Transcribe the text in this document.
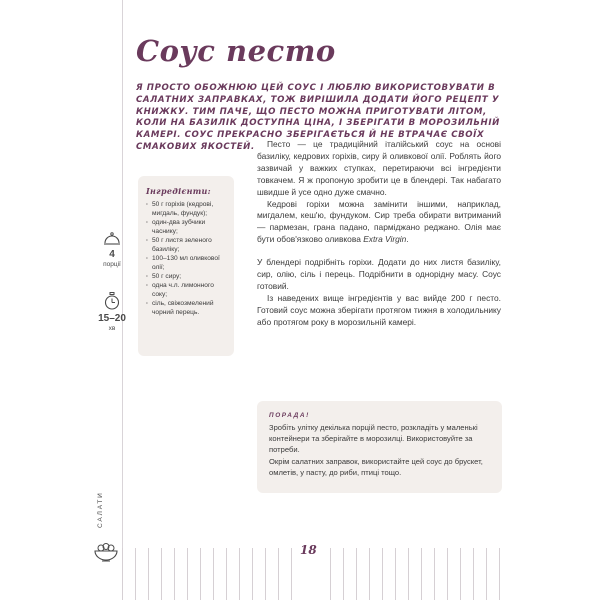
Соус песто

Я ПРОСТО ОБОЖНЮЮ ЦЕЙ СОУС І ЛЮБЛЮ ВИКОРИСТОВУВАТИ В САЛАТНИХ ЗАПРАВКАХ, ТОЖ ВИРІШИЛА ДОДАТИ ЙОГО РЕЦЕПТ У КНИЖКУ. ТИМ ПАЧЕ, ЩО ПЕСТО МОЖНА ПРИГОТУВАТИ ЛІТОМ, КОЛИ НА БАЗИЛІК ДОСТУПНА ЦІНА, І ЗБЕРІГАТИ В МОРОЗИЛЬНІЙ КАМЕРІ. СОУС ПРЕКРАСНО ЗБЕРІГАЄТЬСЯ Й НЕ ВТРАЧАЄ СВОЇХ СМАКОВИХ ЯКОСТЕЙ.

4
порції
15–20
хв
Інгредієнти:
· 50 г горіхів (кедрові, мигдаль, фундук);
· один-два зубчики часнику;
· 50 г листя зеленого базиліку;
· 100–130 мл оливкової олії;
· 50 г сиру;
· одна ч.л. лимонного соку;
· сіль, свіжозмелений чорний перець.

Песто — це традиційний італійський соус на основі базиліку, кедрових горіхів, сиру й оливкової олії. Роблять його зазвичай у важких ступках, перетираючи всі інгредієнти товкачем. Я ж пропоную зробити це в блендері. Так набагато швидше й усе одно дуже смачно.

Кедрові горіхи можна замінити іншими, наприклад, мигдалем, кеш'ю, фундуком. Сир треба обирати витриманий — пармезан, грана падано, парміджано реджано. Олія має бути обов'язково оливкова Extra Virgin.

У блендері подрібніть горіхи. Додати до них листя базиліку, сир, олію, сіль і перець. Подрібнити в однорідну масу. Соус готовий.

Із наведених вище інгредієнтів у вас вийде 200 г песто. Готовий соус можна зберігати протягом тижня в холодильнику або протягом року в морозильній камері.

ПОРАДА!

Зробіть улітку декілька порцій песто, розкладіть у маленькі контейнери та зберігайте в морозилці. Використовуйте за потреби.

Окрім салатних заправок, використайте цей соус до брускет, омлетів, у пасту, до риби, птиці тощо.

САЛАТИ
18
